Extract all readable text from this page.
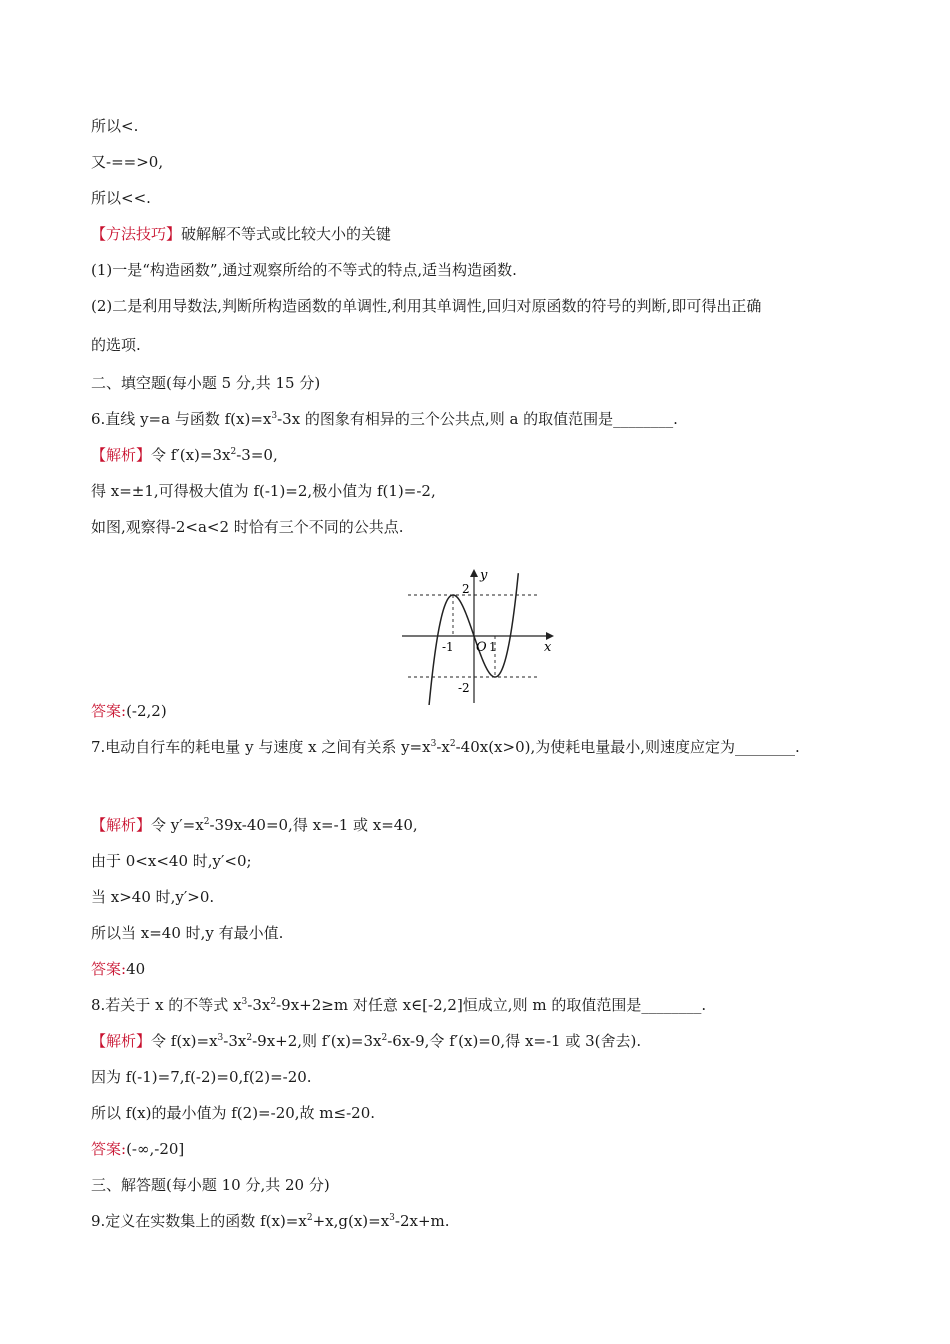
所以<.
又-==>0,
所以<<.
【方法技巧】破解解不等式或比较大小的关键
(1)一是“构造函数”,通过观察所给的不等式的特点,适当构造函数.
(2)二是利用导数法,判断所构造函数的单调性,利用其单调性,回归对原函数的符号的判断,即可得出正确
的选项.
二、填空题(每小题 5 分,共 15 分)
6.直线 y=a 与函数 $f(x)=x^3-3x$ 的图象有相异的三个公共点,则 a 的取值范围是________.
【解析】令 $f'(x)=3x^2-3=0$,
得 x=±1,可得极大值为 f(-1)=2,极小值为 f(1)=-2,
如图,观察得-2<a<2 时恰有三个不同的公共点.
答案:(-2,2)
7.电动自行车的耗电量 y 与速度 x 之间有关系 $y=x^3-x^2-40x(x>0)$,为使耗电量最小,则速度应定为________.
【解析】令 $y'=x^2-39x-40=0$,得 x=-1 或 x=40,
由于 0<x<40 时,y′<0;
当 x>40 时,y′>0.
所以当 x=40 时,y 有最小值.
答案:40
8.若关于 x 的不等式 $x^3-3x^2-9x+2\ge m$ 对任意 x∈[-2,2]恒成立,则 m 的取值范围是________.
【解析】令 $f(x)=x^3-3x^2-9x+2$,则 $f'(x)=3x^2-6x-9$,令 f′(x)=0,得 x=-1 或 3(舍去).
因为 f(-1)=7,f(-2)=0,f(2)=-20.
所以 f(x)的最小值为 f(2)=-20,故 m≤-20.
答案:(-∞,-20]
三、解答题(每小题 10 分,共 20 分)
9.定义在实数集上的函数 $f(x)=x^2+x,g(x)=x^3-2x+m$.
y
x
O
-1	1
2
-2
